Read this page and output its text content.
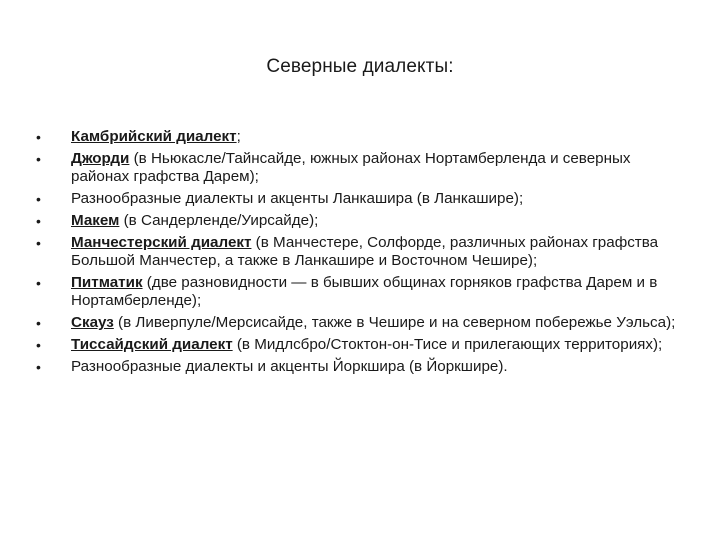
Северные диалекты:
•	Камбрийский диалект;
•	Джорди (в Ньюкасле/Тайнсайде, южных районах Нортамберленда и северных районах графства Дарем);
•	Разнообразные диалекты и акценты Ланкашира (в Ланкашире);
•	Макем (в Сандерленде/Уирсайде);
•	Манчестерский диалект (в Манчестере, Солфорде, различных районах графства Большой Манчестер, а также в Ланкашире и Восточном Чешире);
•	Питматик (две разновидности — в бывших общинах горняков графства Дарем и в Нортамберленде);
•	Скауз (в Ливерпуле/Мерсисайде, также в Чешире и на северном побережье Уэльса);
•	Тиссайдский диалект (в Мидлсбро/Стоктон-он-Тисе и прилегающих территориях);
•	Разнообразные диалекты и акценты Йоркшира (в Йоркшире).
